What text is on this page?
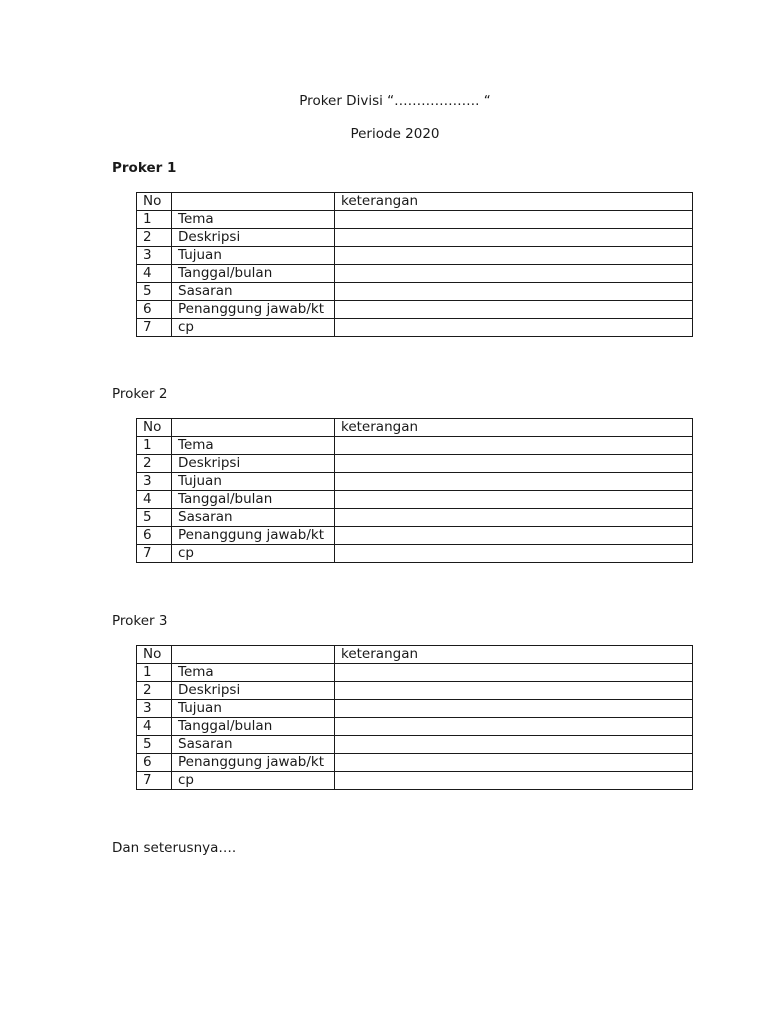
Proker Divisi “………………. “
Periode 2020
Proker 1
No		keterangan
1	Tema	
2	Deskripsi	
3	Tujuan	
4	Tanggal/bulan	
5	Sasaran	
6	Penanggung jawab/kt	
7	cp	
Proker 2
No		keterangan
1	Tema	
2	Deskripsi	
3	Tujuan	
4	Tanggal/bulan	
5	Sasaran	
6	Penanggung jawab/kt	
7	cp	
Proker 3
No		keterangan
1	Tema	
2	Deskripsi	
3	Tujuan	
4	Tanggal/bulan	
5	Sasaran	
6	Penanggung jawab/kt	
7	cp	
Dan seterusnya….
